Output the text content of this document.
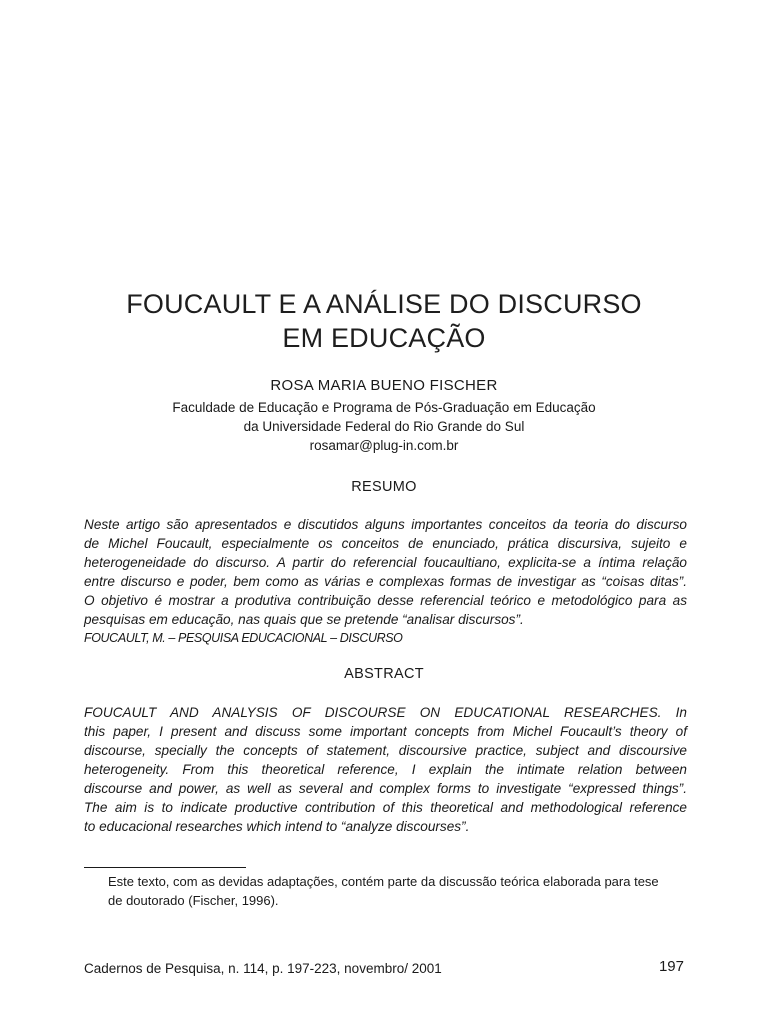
FOUCAULT E A ANÁLISE DO DISCURSO
EM EDUCAÇÃO
ROSA MARIA BUENO FISCHER
Faculdade de Educação e Programa de Pós-Graduação em Educação
da Universidade Federal do Rio Grande do Sul
rosamar@plug-in.com.br
RESUMO
Neste artigo são apresentados e discutidos alguns importantes conceitos da teoria do discurso
de Michel Foucault, especialmente os conceitos de enunciado, prática discursiva, sujeito e
heterogeneidade do discurso. A partir do referencial foucaultiano, explicita-se a íntima relação
entre discurso e poder, bem como as várias e complexas formas de investigar as “coisas ditas”.
O objetivo é mostrar a produtiva contribuição desse referencial teórico e metodológico para as
pesquisas em educação, nas quais que se pretende “analisar discursos”.
FOUCAULT, M. – PESQUISA EDUCACIONAL – DISCURSO
ABSTRACT
FOUCAULT AND ANALYSIS OF DISCOURSE ON EDUCATIONAL RESEARCHES. In
this paper, I present and discuss some important concepts from Michel Foucault’s theory of
discourse, specially the concepts of statement, discoursive practice, subject and discoursive
heterogeneity. From this theoretical reference, I explain the intimate relation between
discourse and power, as well as several and complex forms to investigate “expressed things”.
The aim is to indicate productive contribution of this theoretical and methodological reference
to educacional researches which intend to “analyze discourses”.
Este texto, com as devidas adaptações, contém parte da discussão teórica elaborada para tese
de doutorado (Fischer, 1996).
Cadernos de Pesquisa, n. 114, p. 197-223, novembro/ 2001	197
